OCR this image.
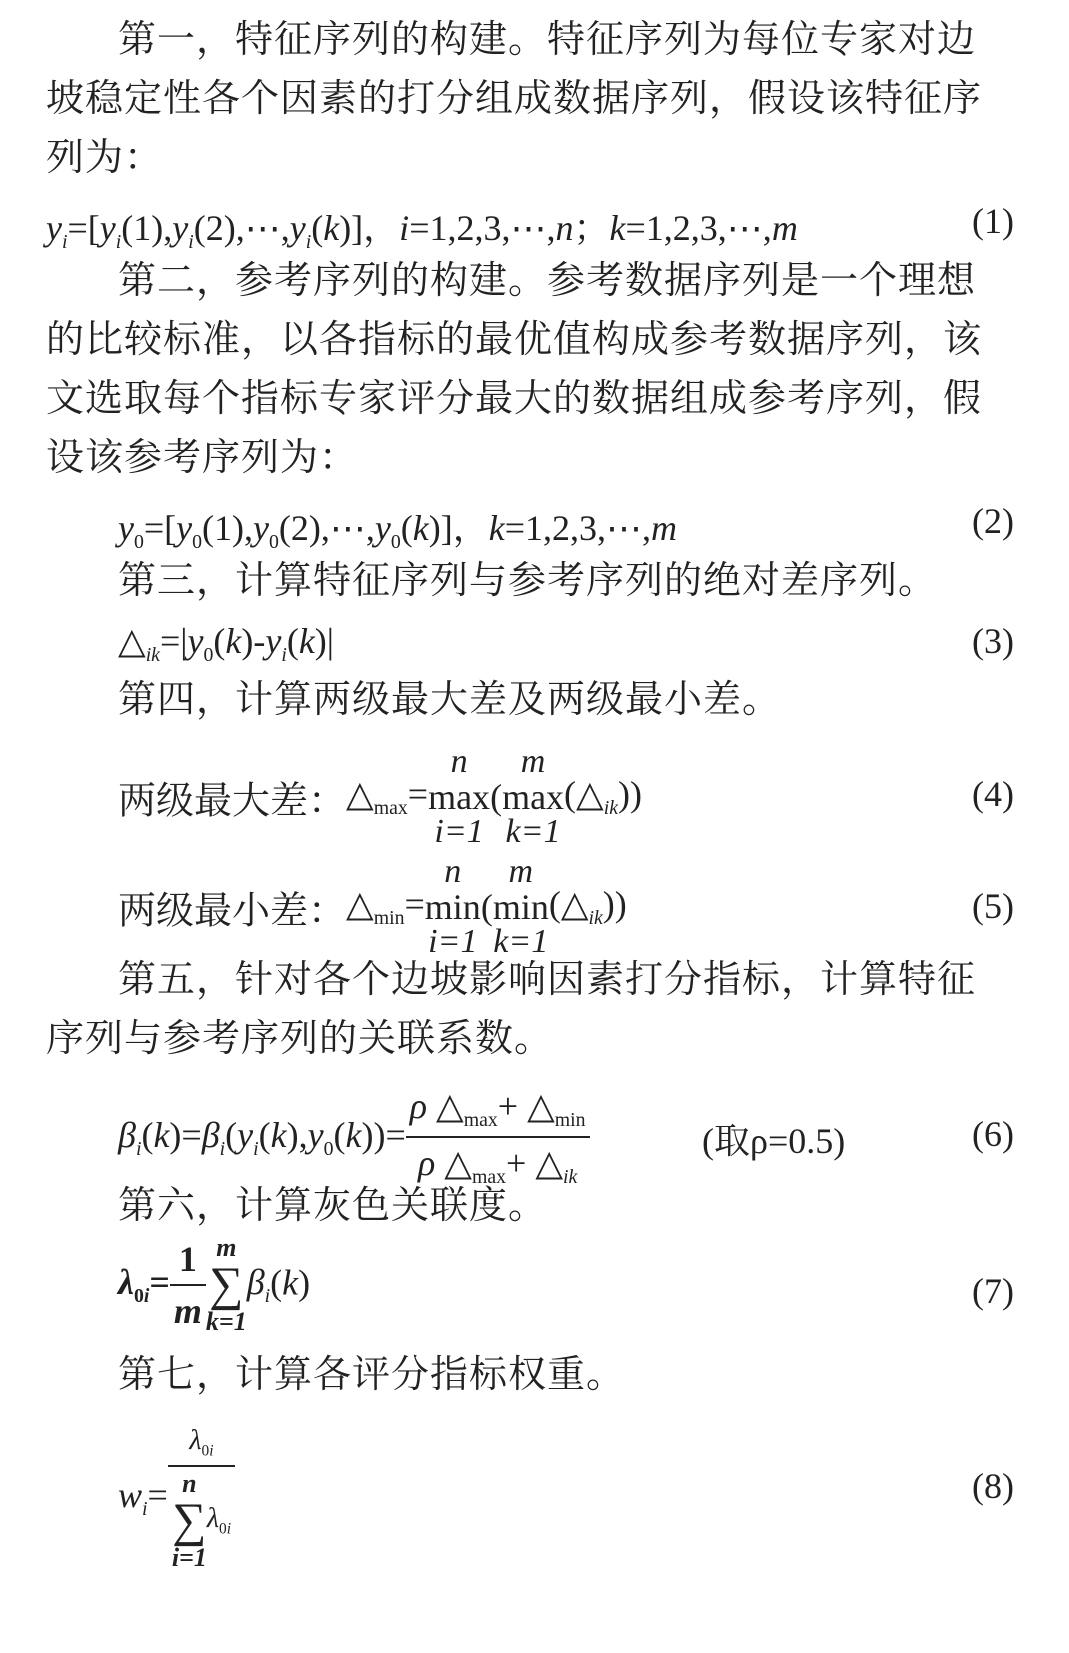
第一，特征序列的构建。特征序列为每位专家对边坡稳定性各个因素的打分组成数据序列，假设该特征序列为：
$y_i=[y_i(1),y_i(2),\cdots,y_i(k)]$，i=1,2,3,⋯,n；k=1,2,3,⋯,m	(1)
第二，参考序列的构建。参考数据序列是一个理想的比较标准，以各指标的最优值构成参考数据序列，该文选取每个指标专家评分最大的数据组成参考序列，假设该参考序列为：
$y_0=[y_0(1),y_0(2),\cdots,y_0(k)]$，k=1,2,3,⋯,m	(2)
第三，计算特征序列与参考序列的绝对差序列。
$\triangle_{ik}=|y_0(k)-y_i(k)|$	(3)
第四，计算两级最大差及两级最小差。
两级最大差：$\triangle_{max}=$
n
max
i=1
(
m
max
k=1
$(\triangle_{ik})$)	(4)
两级最小差：$\triangle_{min}=$
n
min
i=1
(
m
min
k=1
$(\triangle_{ik})$)	(5)
第五，针对各个边坡影响因素打分指标，计算特征序列与参考序列的关联系数。
$\beta_i(k)=\beta_i(y_i(k),y_0(k))= \frac{\rho \triangle_{max}+ \triangle_{min}}{\rho \triangle_{max}+ \triangle_{ik}}$	(取ρ=0.5)	(6)
第六，计算灰色关联度。
$\lambda_{0i}= \frac{1}{m}$ m
∑
k=1
$\beta_i(k)$	(7)
第七，计算各评分指标权重。
$w_i= \lambda_{0i}$
n
∑
i=1
$\lambda_{0i}$	(8)
